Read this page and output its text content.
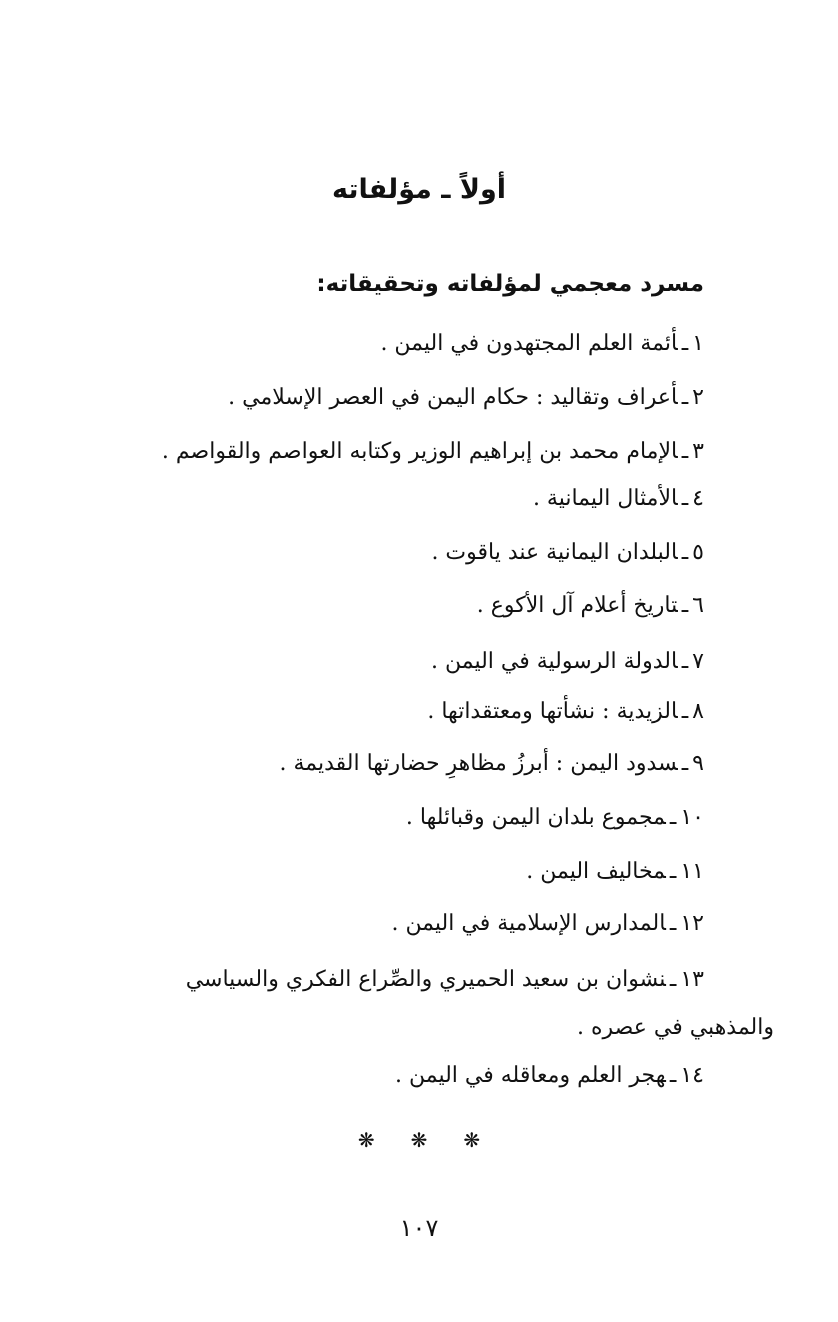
أولاً ـ مؤلفاته
مسرد معجمي لمؤلفاته وتحقيقاته:
١ـأئمة العلم المجتهدون في اليمن .
٢ـأعراف وتقاليد : حكام اليمن في العصر الإسلامي .
٣ـالإمام محمد بن إبراهيم الوزير وكتابه العواصم والقواصم .
٤ـالأمثال اليمانية .
٥ـالبلدان اليمانية عند ياقوت .
٦ـتاريخ أعلام آل الأكوع .
٧ـالدولة الرسولية في اليمن .
٨ـالزيدية : نشأتها ومعتقداتها .
٩ـسدود اليمن : أبرزُ مظاهرِ حضارتها القديمة .
١٠ـمجموع بلدان اليمن وقبائلها .
١١ـمخاليف اليمن .
١٢ـالمدارس الإسلامية في اليمن .
١٣ـنشوان بن سعيد الحميري والصِّراع الفكري والسياسي
والمذهبي في عصره .
١٤ـهجر العلم ومعاقله في اليمن .
❋ ❋ ❋
١٠٧
